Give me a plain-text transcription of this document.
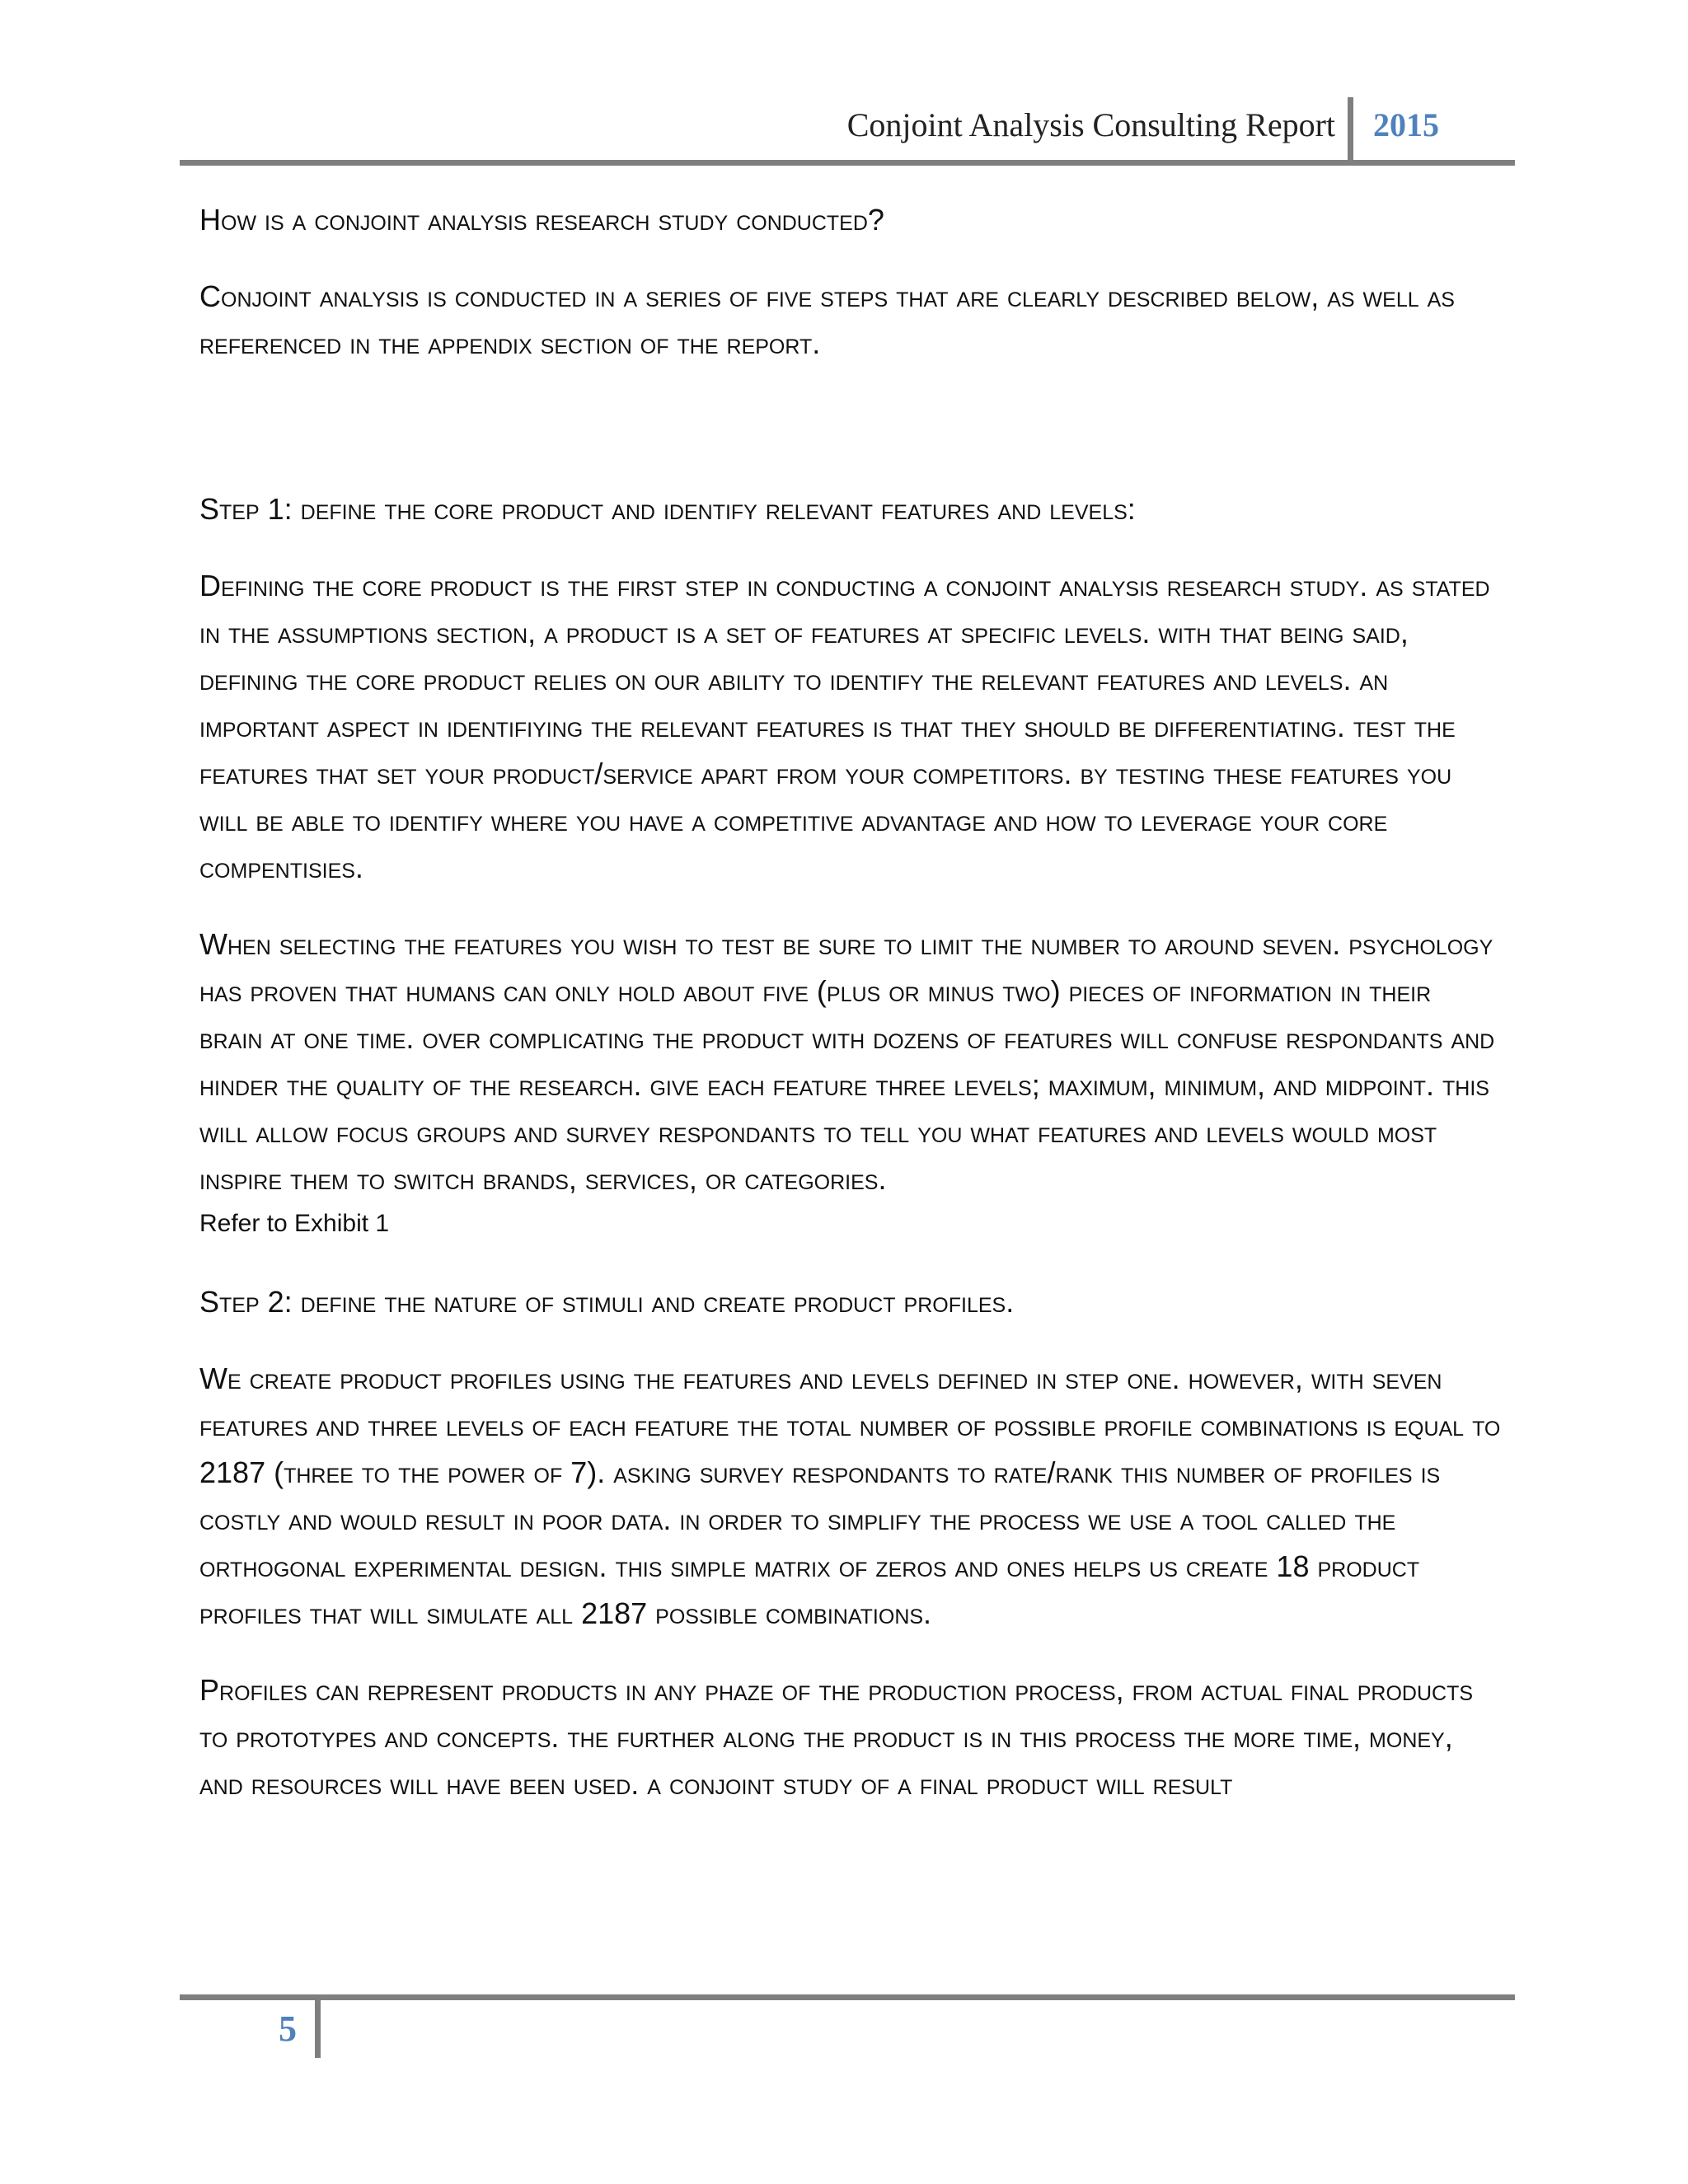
Conjoint Analysis Consulting Report 2015

How is a conjoint analysis research study conducted?

Conjoint analysis is conducted in a series of five steps that are clearly described below, as well as referenced in the appendix section of the report.

Step 1: define the core product and identify relevant features and levels:

Defining the core product is the first step in conducting a conjoint analysis research study. as stated in the assumptions section, a product is a set of features at specific levels. with that being said, defining the core product relies on our ability to identify the relevant features and levels. an important aspect in identifiying the relevant features is that they should be differentiating. test the features that set your product/service apart from your competitors. by testing these features you will be able to identify where you have a competitive advantage and how to leverage your core compentisies.

When selecting the features you wish to test be sure to limit the number to around seven. psychology has proven that humans can only hold about five (plus or minus two) pieces of information in their brain at one time. over complicating the product with dozens of features will confuse respondants and hinder the quality of the research. give each feature three levels; maximum, minimum, and midpoint. this will allow focus groups and survey respondants to tell you what features and levels would most inspire them to switch brands, services, or categories.

Refer to Exhibit 1

Step 2: define the nature of stimuli and create product profiles.

We create product profiles using the features and levels defined in step one. however, with seven features and three levels of each feature the total number of possible profile combinations is equal to 2187 (three to the power of 7). asking survey respondants to rate/rank this number of profiles is costly and would result in poor data. in order to simplify the process we use a tool called the orthogonal experimental design. this simple matrix of zeros and ones helps us create 18 product profiles that will simulate all 2187 possible combinations.

Profiles can represent products in any phaze of the production process, from actual final products to prototypes and concepts. the further along the product is in this process the more time, money, and resources will have been used. a conjoint study of a final product will result

5
